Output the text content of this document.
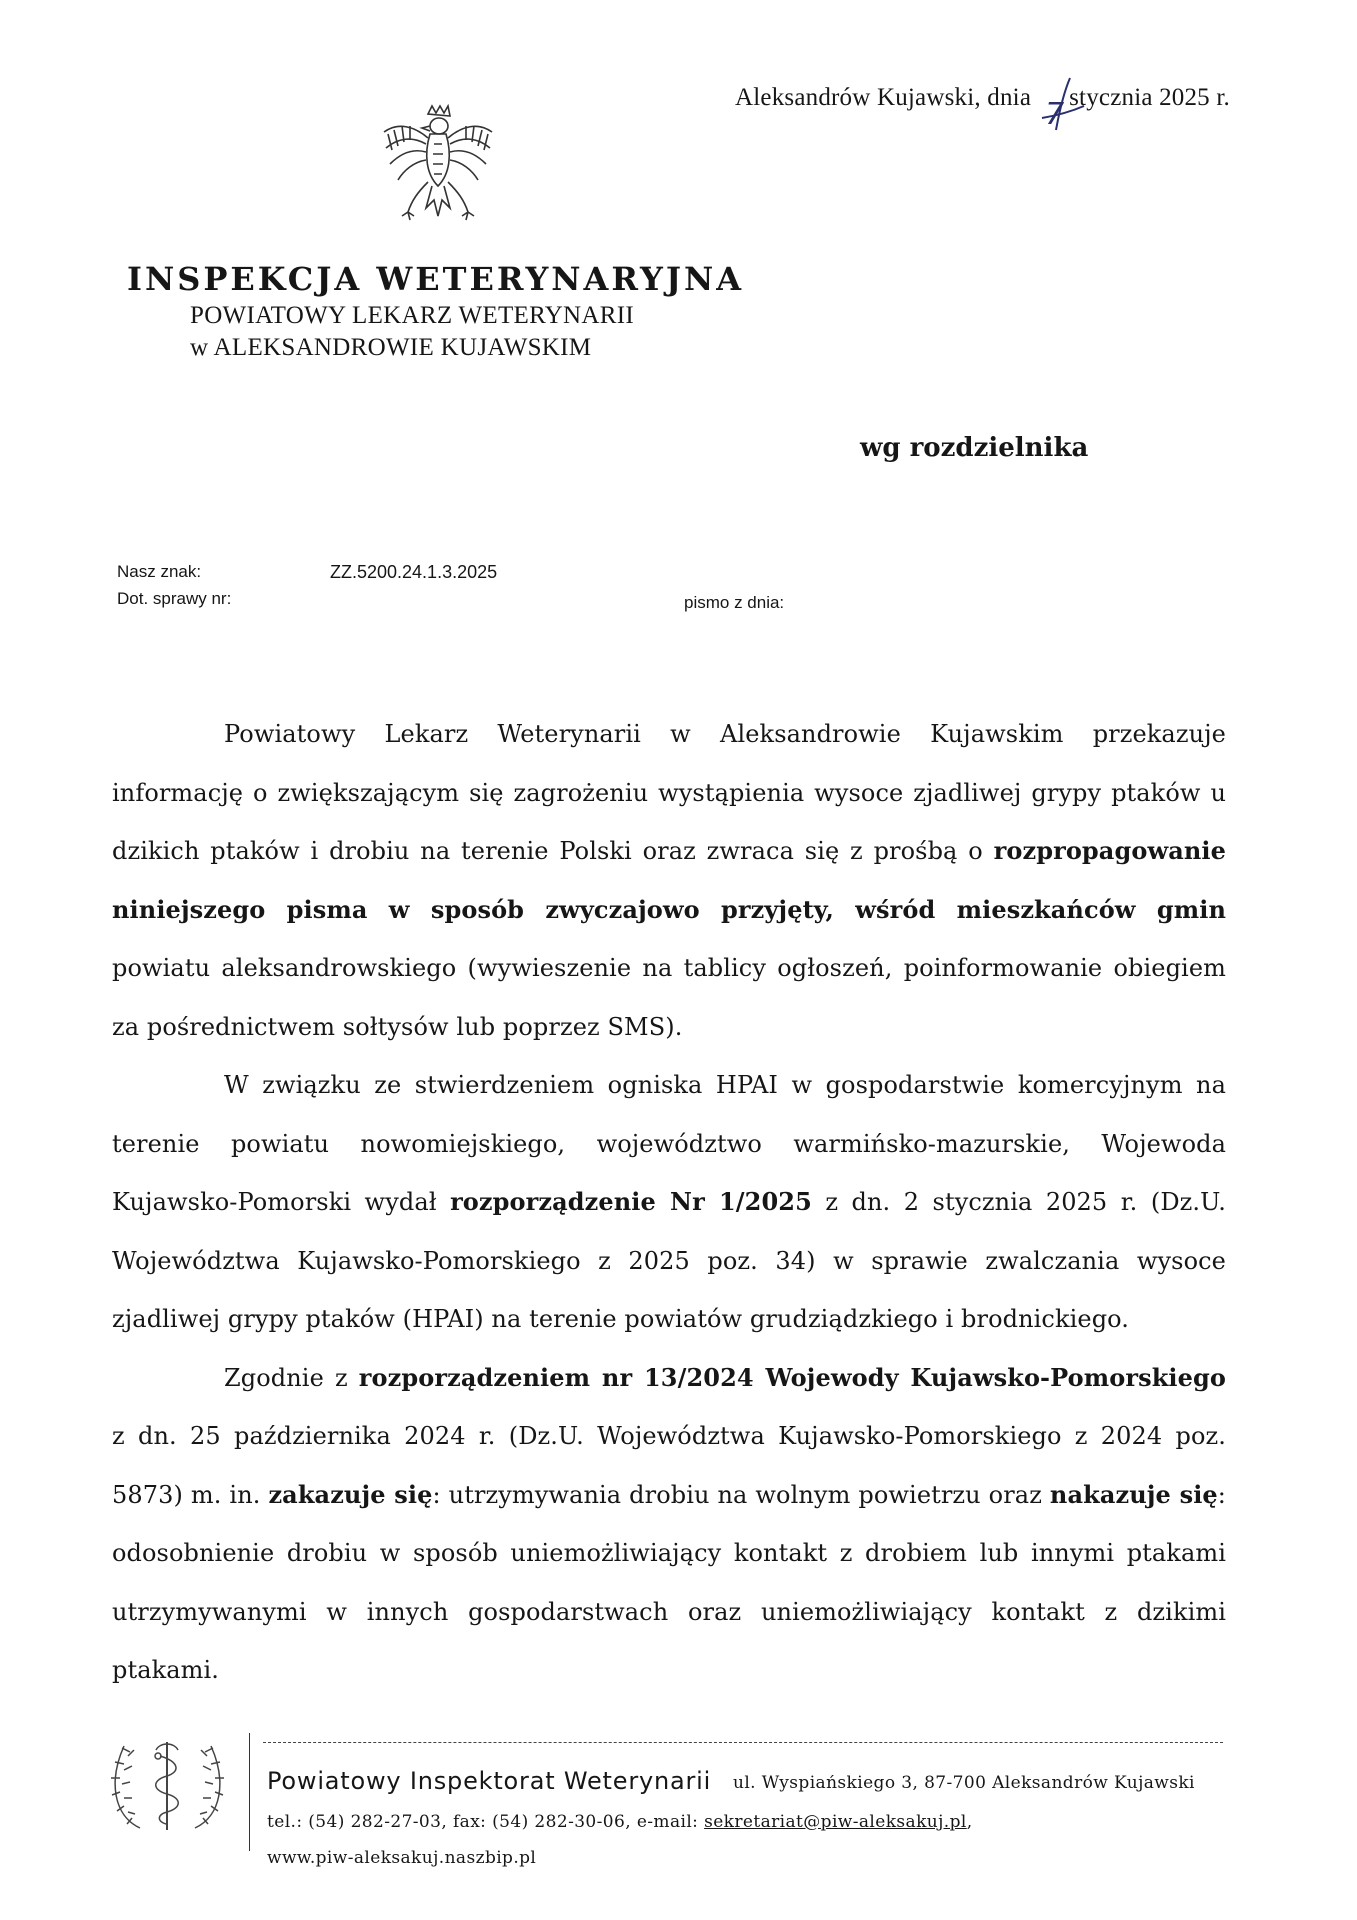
Aleksandrów Kujawski, dnia 7 stycznia 2025 r.
INSPEKCJA WETERYNARYJNA
POWIATOWY LEKARZ WETERYNARII
w ALEKSANDROWIE KUJAWSKIM
wg rozdzielnika
Nasz znak:	ZZ.5200.24.1.3.2025
Dot. sprawy nr:	pismo z dnia:

Powiatowy Lekarz Weterynarii w Aleksandrowie Kujawskim przekazuje informację o zwiększającym się zagrożeniu wystąpienia wysoce zjadliwej grypy ptaków u dzikich ptaków i drobiu na terenie Polski oraz zwraca się z prośbą o rozpropagowanie niniejszego pisma w sposób zwyczajowo przyjęty, wśród mieszkańców gmin powiatu aleksandrowskiego (wywieszenie na tablicy ogłoszeń, poinformowanie obiegiem za pośrednictwem sołtysów lub poprzez SMS).

W związku ze stwierdzeniem ogniska HPAI w gospodarstwie komercyjnym na terenie powiatu nowomiejskiego, województwo warmińsko-mazurskie, Wojewoda Kujawsko-Pomorski wydał rozporządzenie Nr 1/2025 z dn. 2 stycznia 2025 r. (Dz.U. Województwa Kujawsko-Pomorskiego z 2025 poz. 34) w sprawie zwalczania wysoce zjadliwej grypy ptaków (HPAI) na terenie powiatów grudziądzkiego i brodnickiego.

Zgodnie z rozporządzeniem nr 13/2024 Wojewody Kujawsko-Pomorskiego z dn. 25 października 2024 r. (Dz.U. Województwa Kujawsko-Pomorskiego z 2024 poz. 5873) m. in. zakazuje się: utrzymywania drobiu na wolnym powietrzu oraz nakazuje się: odosobnienie drobiu w sposób uniemożliwiający kontakt z drobiem lub innymi ptakami utrzymywanymi w innych gospodarstwach oraz uniemożliwiający kontakt z dzikimi ptakami.

Powiatowy Inspektorat Weterynarii ul. Wyspiańskiego 3, 87-700 Aleksandrów Kujawski
tel.: (54) 282-27-03, fax: (54) 282-30-06, e-mail: sekretariat@piw-aleksakuj.pl,
www.piw-aleksakuj.naszbip.pl
